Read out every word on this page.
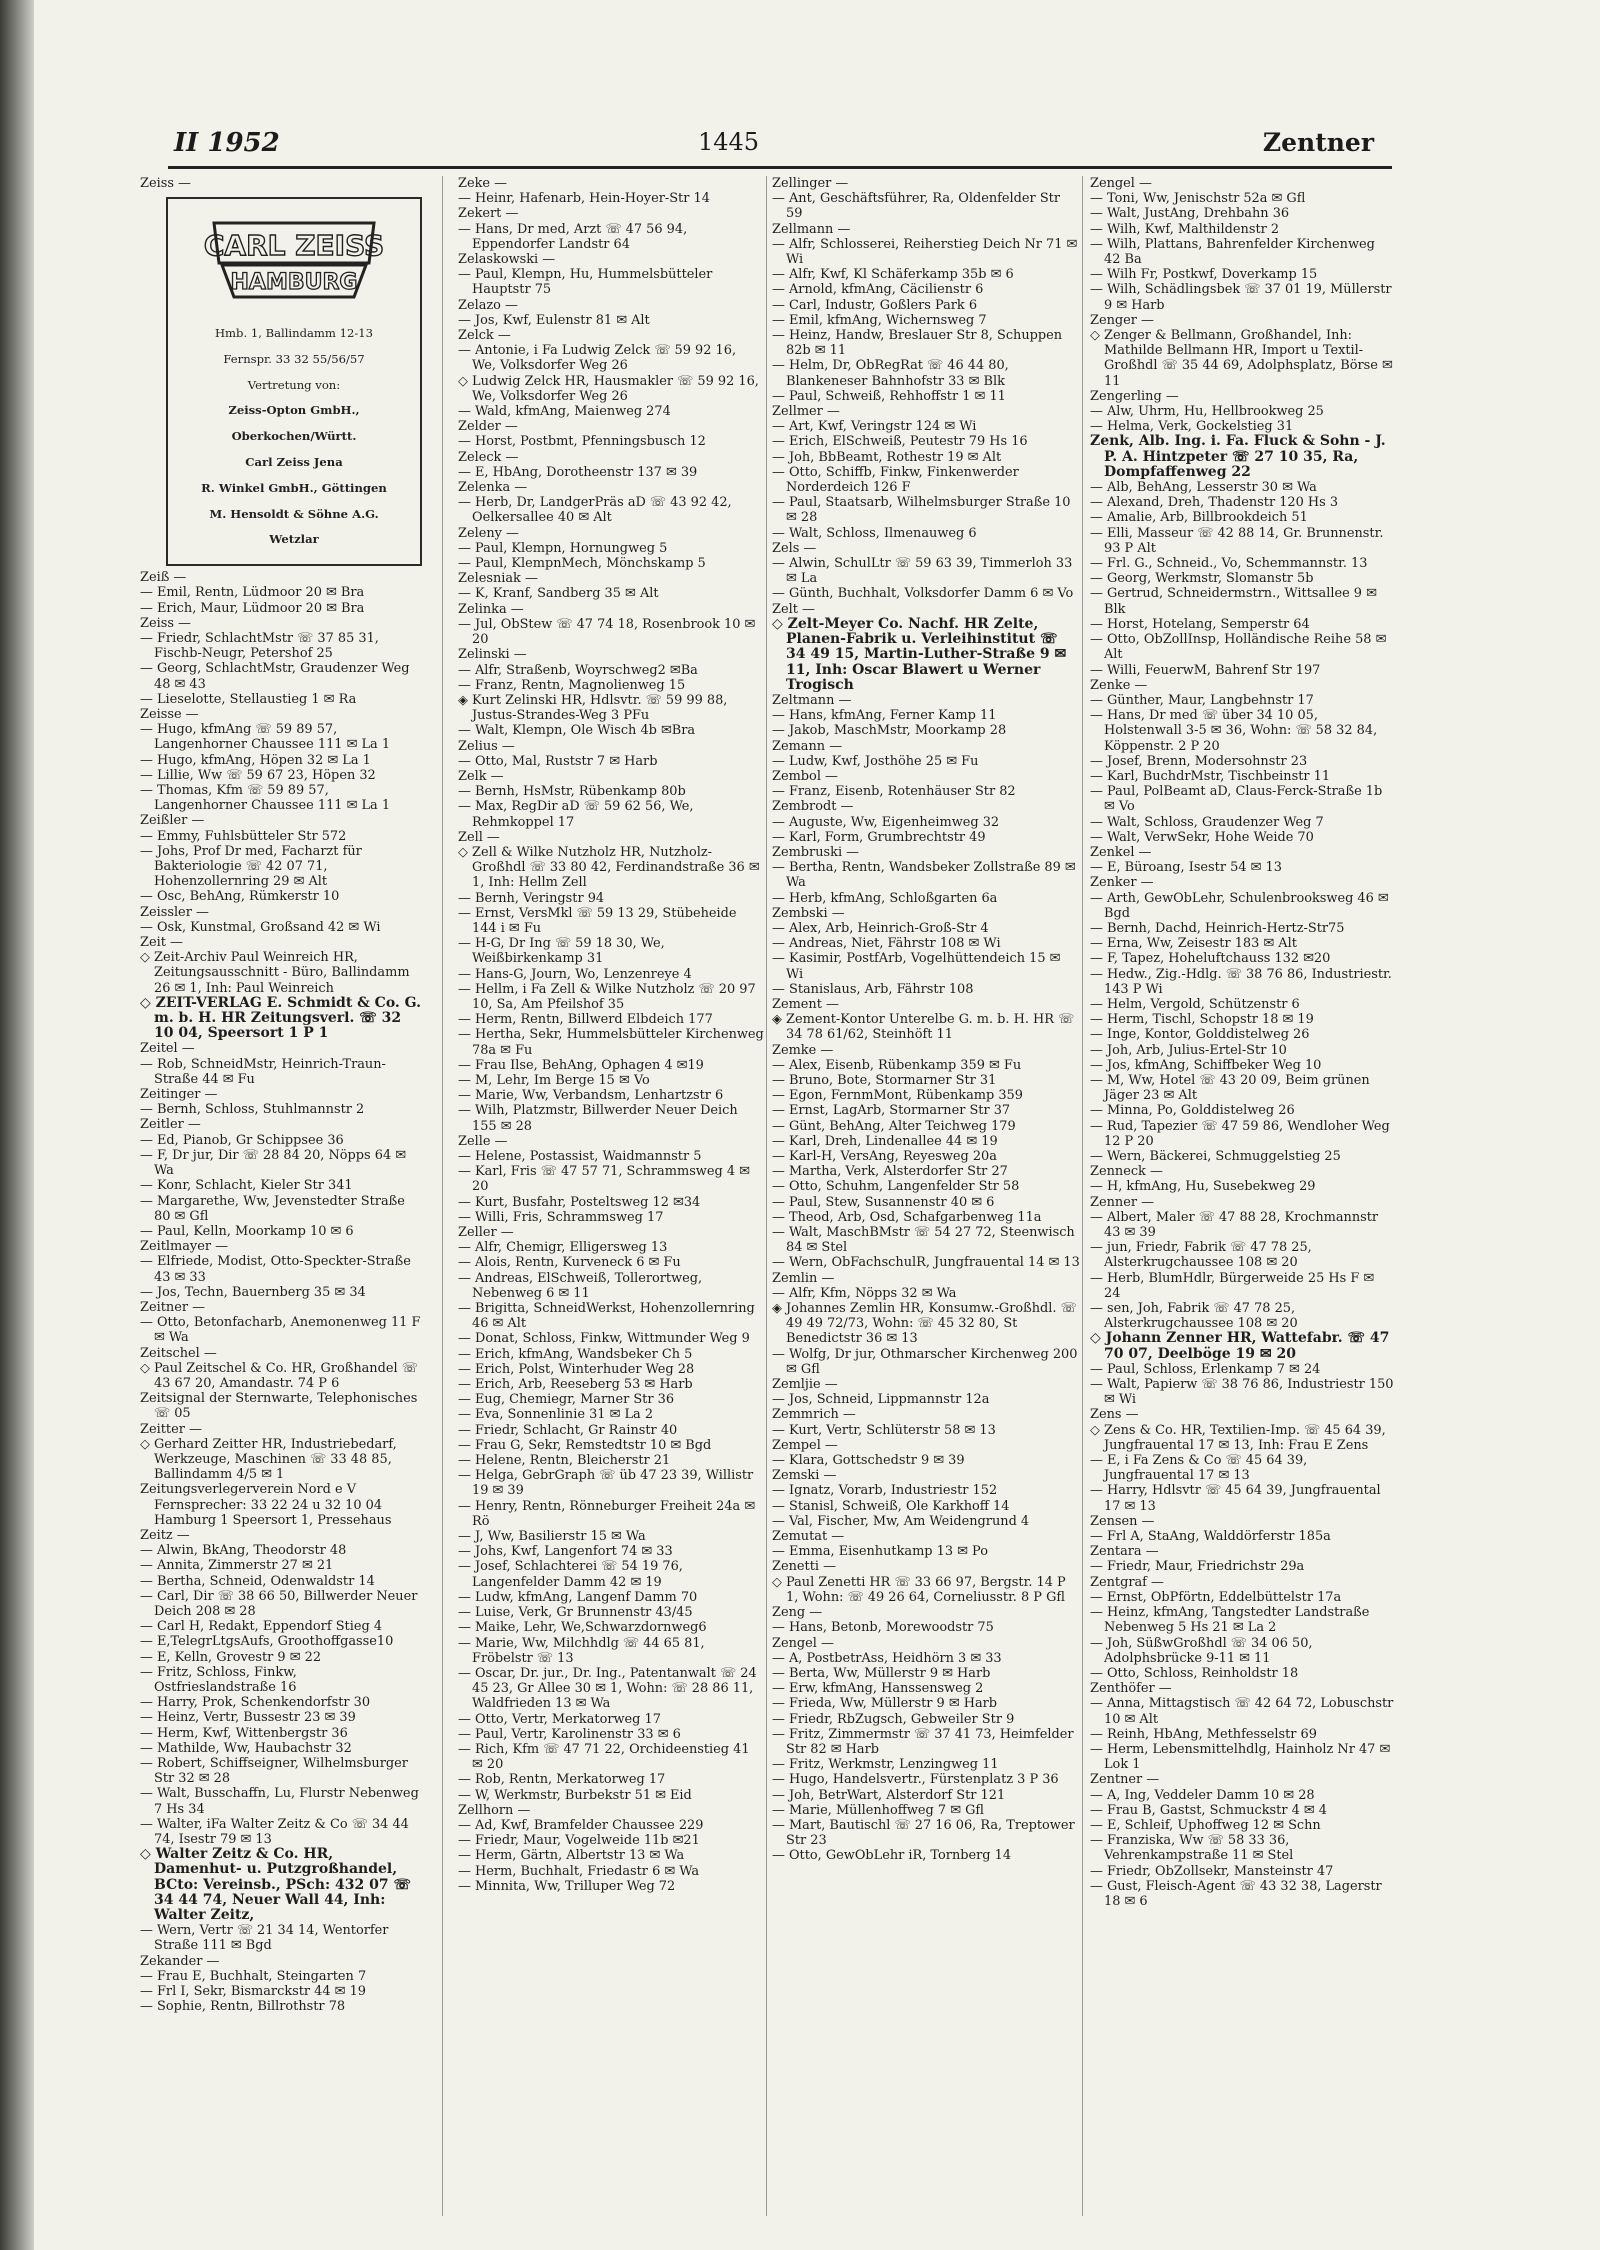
II 1952	1445	Zentner

Zeiss —

CARL ZEISS
HAMBURG

Hmb. 1, Ballindamm 12-13

Fernspr. 33 32 55/56/57

Vertretung von:

Zeiss-Opton GmbH.,

Oberkochen/Württ.

Carl Zeiss Jena

R. Winkel GmbH., Göttingen

M. Hensoldt & Söhne A.G.

Wetzlar

Zeiß —

— Emil, Rentn, Lüdmoor 20 ✉ Bra

— Erich, Maur, Lüdmoor 20 ✉ Bra

Zeiss —

— Friedr, SchlachtMstr ☏ 37 85 31, Fischb-Neugr, Petershof 25

— Georg, SchlachtMstr, Graudenzer Weg 48 ✉ 43

— Lieselotte, Stellaustieg 1 ✉ Ra

Zeisse —

— Hugo, kfmAng ☏ 59 89 57, Langenhorner Chaussee 111 ✉ La 1

— Hugo, kfmAng, Höpen 32 ✉ La 1

— Lillie, Ww ☏ 59 67 23, Höpen 32

— Thomas, Kfm ☏ 59 89 57, Langenhorner Chaussee 111 ✉ La 1

Zeißler —

— Emmy, Fuhlsbütteler Str 572

— Johs, Prof Dr med, Facharzt für Bakteriologie ☏ 42 07 71, Hohenzollernring 29 ✉ Alt

— Osc, BehAng, Rümkerstr 10

Zeissler —

— Osk, Kunstmal, Großsand 42 ✉ Wi

Zeit —

◇ Zeit-Archiv Paul Weinreich HR, Zeitungsausschnitt - Büro, Ballindamm 26 ✉ 1, Inh: Paul Weinreich

◇ ZEIT-VERLAG E. Schmidt & Co. G. m. b. H. HR Zeitungsverl. ☏ 32 10 04, Speersort 1 P 1

Zeitel —

— Rob, SchneidMstr, Heinrich-Traun-Straße 44 ✉ Fu

Zeitinger —

— Bernh, Schloss, Stuhlmannstr 2

Zeitler —

— Ed, Pianob, Gr Schippsee 36

— F, Dr jur, Dir ☏ 28 84 20, Nöpps 64 ✉ Wa

— Konr, Schlacht, Kieler Str 341

— Margarethe, Ww, Jevenstedter Straße 80 ✉ Gfl

— Paul, Kelln, Moorkamp 10 ✉ 6

Zeitlmayer —

— Elfriede, Modist, Otto-Speckter-Straße 43 ✉ 33

— Jos, Techn, Bauernberg 35 ✉ 34

Zeitner —

— Otto, Betonfacharb, Anemonenweg 11 F ✉ Wa

Zeitschel —

◇ Paul Zeitschel & Co. HR, Großhandel ☏ 43 67 20, Amandastr. 74 P 6

Zeitsignal der Sternwarte, Telephonisches ☏ 05

Zeitter —

◇ Gerhard Zeitter HR, Industriebedarf, Werkzeuge, Maschinen ☏ 33 48 85, Ballindamm 4/5 ✉ 1

Zeitungsverlegerverein Nord e V Fernsprecher: 33 22 24 u 32 10 04 Hamburg 1 Speersort 1, Pressehaus

Zeitz —

— Alwin, BkAng, Theodorstr 48

— Annita, Zimmerstr 27 ✉ 21

— Bertha, Schneid, Odenwaldstr 14

— Carl, Dir ☏ 38 66 50, Billwerder Neuer Deich 208 ✉ 28

— Carl H, Redakt, Eppendorf Stieg 4

— E,TelegrLtgsAufs, Groothoffgasse10

— E, Kelln, Grovestr 9 ✉ 22

— Fritz, Schloss, Finkw, Ostfrieslandstraße 16

— Harry, Prok, Schenkendorfstr 30

— Heinz, Vertr, Bussestr 23 ✉ 39

— Herm, Kwf, Wittenbergstr 36

— Mathilde, Ww, Haubachstr 32

— Robert, Schiffseigner, Wilhelmsburger Str 32 ✉ 28

— Walt, Busschaffn, Lu, Flurstr Nebenweg 7 Hs 34

— Walter, iFa Walter Zeitz & Co ☏ 34 44 74, Isestr 79 ✉ 13

◇ Walter Zeitz & Co. HR, Damenhut- u. Putzgroßhandel, BCto: Vereinsb., PSch: 432 07 ☏ 34 44 74, Neuer Wall 44, Inh: Walter Zeitz,

— Wern, Vertr ☏ 21 34 14, Wentorfer Straße 111 ✉ Bgd

Zekander —

— Frau E, Buchhalt, Steingarten 7

— Frl I, Sekr, Bismarckstr 44 ✉ 19

— Sophie, Rentn, Billrothstr 78

Zeke —

— Heinr, Hafenarb, Hein-Hoyer-Str 14

Zekert —

— Hans, Dr med, Arzt ☏ 47 56 94, Eppendorfer Landstr 64

Zelaskowski —

— Paul, Klempn, Hu, Hummelsbütteler Hauptstr 75

Zelazo —

— Jos, Kwf, Eulenstr 81 ✉ Alt

Zelck —

— Antonie, i Fa Ludwig Zelck ☏ 59 92 16, We, Volksdorfer Weg 26

◇ Ludwig Zelck HR, Hausmakler ☏ 59 92 16, We, Volksdorfer Weg 26

— Wald, kfmAng, Maienweg 274

Zelder —

— Horst, Postbmt, Pfenningsbusch 12

Zeleck —

— E, HbAng, Dorotheenstr 137 ✉ 39

Zelenka —

— Herb, Dr, LandgerPräs aD ☏ 43 92 42, Oelkersallee 40 ✉ Alt

Zeleny —

— Paul, Klempn, Hornungweg 5

— Paul, KlempnMech, Mönchskamp 5

Zelesniak —

— K, Kranf, Sandberg 35 ✉ Alt

Zelinka —

— Jul, ObStew ☏ 47 74 18, Rosenbrook 10 ✉ 20

Zelinski —

— Alfr, Straßenb, Woyrschweg2 ✉Ba

— Franz, Rentn, Magnolienweg 15

◈ Kurt Zelinski HR, Hdlsvtr. ☏ 59 99 88, Justus-Strandes-Weg 3 PFu

— Walt, Klempn, Ole Wisch 4b ✉Bra

Zelius —

— Otto, Mal, Ruststr 7 ✉ Harb

Zelk —

— Bernh, HsMstr, Rübenkamp 80b

— Max, RegDir aD ☏ 59 62 56, We, Rehmkoppel 17

Zell —

◇ Zell & Wilke Nutzholz HR, Nutzholz-Großhdl ☏ 33 80 42, Ferdinandstraße 36 ✉ 1, Inh: Hellm Zell

— Bernh, Veringstr 94

— Ernst, VersMkl ☏ 59 13 29, Stübeheide 144 i ✉ Fu

— H-G, Dr Ing ☏ 59 18 30, We, Weißbirkenkamp 31

— Hans-G, Journ, Wo, Lenzenreye 4

— Hellm, i Fa Zell & Wilke Nutzholz ☏ 20 97 10, Sa, Am Pfeilshof 35

— Herm, Rentn, Billwerd Elbdeich 177

— Hertha, Sekr, Hummelsbütteler Kirchenweg 78a ✉ Fu

— Frau Ilse, BehAng, Ophagen 4 ✉19

— M, Lehr, Im Berge 15 ✉ Vo

— Marie, Ww, Verbandsm, Lenhartzstr 6

— Wilh, Platzmstr, Billwerder Neuer Deich 155 ✉ 28

Zelle —

— Helene, Postassist, Waidmannstr 5

— Karl, Fris ☏ 47 57 71, Schrammsweg 4 ✉ 20

— Kurt, Busfahr, Posteltsweg 12 ✉34

— Willi, Fris, Schrammsweg 17

Zeller —

— Alfr, Chemigr, Elligersweg 13

— Alois, Rentn, Kurveneck 6 ✉ Fu

— Andreas, ElSchweiß, Tollerortweg, Nebenweg 6 ✉ 11

— Brigitta, SchneidWerkst, Hohenzollernring 46 ✉ Alt

— Donat, Schloss, Finkw, Wittmunder Weg 9

— Erich, kfmAng, Wandsbeker Ch 5

— Erich, Polst, Winterhuder Weg 28

— Erich, Arb, Reeseberg 53 ✉ Harb

— Eug, Chemiegr, Marner Str 36

— Eva, Sonnenlinie 31 ✉ La 2

— Friedr, Schlacht, Gr Rainstr 40

— Frau G, Sekr, Remstedtstr 10 ✉ Bgd

— Helene, Rentn, Bleicherstr 21

— Helga, GebrGraph ☏ üb 47 23 39, Willistr 19 ✉ 39

— Henry, Rentn, Rönneburger Freiheit 24a ✉ Rö

— J, Ww, Basilierstr 15 ✉ Wa

— Johs, Kwf, Langenfort 74 ✉ 33

— Josef, Schlachterei ☏ 54 19 76, Langenfelder Damm 42 ✉ 19

— Ludw, kfmAng, Langenf Damm 70

— Luise, Verk, Gr Brunnenstr 43/45

— Maike, Lehr, We,Schwarzdornweg6

— Marie, Ww, Milchhdlg ☏ 44 65 81, Fröbelstr ☏ 13

— Oscar, Dr. jur., Dr. Ing., Patentanwalt ☏ 24 45 23, Gr Allee 30 ✉ 1, Wohn: ☏ 28 86 11, Waldfrieden 13 ✉ Wa

— Otto, Vertr, Merkatorweg 17

— Paul, Vertr, Karolinenstr 33 ✉ 6

— Rich, Kfm ☏ 47 71 22, Orchideenstieg 41 ✉ 20

— Rob, Rentn, Merkatorweg 17

— W, Werkmstr, Burbekstr 51 ✉ Eid

Zellhorn —

— Ad, Kwf, Bramfelder Chaussee 229

— Friedr, Maur, Vogelweide 11b ✉21

— Herm, Gärtn, Albertstr 13 ✉ Wa

— Herm, Buchhalt, Friedastr 6 ✉ Wa

— Minnita, Ww, Trilluper Weg 72

Zellinger —

— Ant, Geschäftsführer, Ra, Oldenfelder Str 59

Zellmann —

— Alfr, Schlosserei, Reiherstieg Deich Nr 71 ✉ Wi

— Alfr, Kwf, Kl Schäferkamp 35b ✉ 6

— Arnold, kfmAng, Cäcilienstr 6

— Carl, Industr, Goßlers Park 6

— Emil, kfmAng, Wichernsweg 7

— Heinz, Handw, Breslauer Str 8, Schuppen 82b ✉ 11

— Helm, Dr, ObRegRat ☏ 46 44 80, Blankeneser Bahnhofstr 33 ✉ Blk

— Paul, Schweiß, Rehhoffstr 1 ✉ 11

Zellmer —

— Art, Kwf, Veringstr 124 ✉ Wi

— Erich, ElSchweiß, Peutestr 79 Hs 16

— Joh, BbBeamt, Rothestr 19 ✉ Alt

— Otto, Schiffb, Finkw, Finkenwerder Norderdeich 126 F

— Paul, Staatsarb, Wilhelmsburger Straße 10 ✉ 28

— Walt, Schloss, Ilmenauweg 6

Zels —

— Alwin, SchulLtr ☏ 59 63 39, Timmerloh 33 ✉ La

— Günth, Buchhalt, Volksdorfer Damm 6 ✉ Vo

Zelt —

◇ Zelt-Meyer Co. Nachf. HR Zelte, Planen-Fabrik u. Verleihinstitut ☏ 34 49 15, Martin-Luther-Straße 9 ✉ 11, Inh: Oscar Blawert u Werner Trogisch

Zeltmann —

— Hans, kfmAng, Ferner Kamp 11

— Jakob, MaschMstr, Moorkamp 28

Zemann —

— Ludw, Kwf, Josthöhe 25 ✉ Fu

Zembol —

— Franz, Eisenb, Rotenhäuser Str 82

Zembrodt —

— Auguste, Ww, Eigenheimweg 32

— Karl, Form, Grumbrechtstr 49

Zembruski —

— Bertha, Rentn, Wandsbeker Zollstraße 89 ✉ Wa

— Herb, kfmAng, Schloßgarten 6a

Zembski —

— Alex, Arb, Heinrich-Groß-Str 4

— Andreas, Niet, Fährstr 108 ✉ Wi

— Kasimir, PostfArb, Vogelhüttendeich 15 ✉ Wi

— Stanislaus, Arb, Fährstr 108

Zement —

◈ Zement-Kontor Unterelbe G. m. b. H. HR ☏ 34 78 61/62, Steinhöft 11

Zemke —

— Alex, Eisenb, Rübenkamp 359 ✉ Fu

— Bruno, Bote, Stormarner Str 31

— Egon, FernmMont, Rübenkamp 359

— Ernst, LagArb, Stormarner Str 37

— Günt, BehAng, Alter Teichweg 179

— Karl, Dreh, Lindenallee 44 ✉ 19

— Karl-H, VersAng, Reyesweg 20a

— Martha, Verk, Alsterdorfer Str 27

— Otto, Schuhm, Langenfelder Str 58

— Paul, Stew, Susannenstr 40 ✉ 6

— Theod, Arb, Osd, Schafgarbenweg 11a

— Walt, MaschBMstr ☏ 54 27 72, Steenwisch 84 ✉ Stel

— Wern, ObFachschulR, Jungfrauental 14 ✉ 13

Zemlin —

— Alfr, Kfm, Nöpps 32 ✉ Wa

◈ Johannes Zemlin HR, Konsumw.-Großhdl. ☏ 49 49 72/73, Wohn: ☏ 45 32 80, St Benedictstr 36 ✉ 13

— Wolfg, Dr jur, Othmarscher Kirchenweg 200 ✉ Gfl

Zemljie —

— Jos, Schneid, Lippmannstr 12a

Zemmrich —

— Kurt, Vertr, Schlüterstr 58 ✉ 13

Zempel —

— Klara, Gottschedstr 9 ✉ 39

Zemski —

— Ignatz, Vorarb, Industriestr 152

— Stanisl, Schweiß, Ole Karkhoff 14

— Val, Fischer, Mw, Am Weidengrund 4

Zemutat —

— Emma, Eisenhutkamp 13 ✉ Po

Zenetti —

◇ Paul Zenetti HR ☏ 33 66 97, Bergstr. 14 P 1, Wohn: ☏ 49 26 64, Corneliusstr. 8 P Gfl

Zeng —

— Hans, Betonb, Morewoodstr 75

Zengel —

— A, PostbetrAss, Heidhörn 3 ✉ 33

— Berta, Ww, Müllerstr 9 ✉ Harb

— Erw, kfmAng, Hanssensweg 2

— Frieda, Ww, Müllerstr 9 ✉ Harb

— Friedr, RbZugsch, Gebweiler Str 9

— Fritz, Zimmermstr ☏ 37 41 73, Heimfelder Str 82 ✉ Harb

— Fritz, Werkmstr, Lenzingweg 11

— Hugo, Handelsvertr., Fürstenplatz 3 P 36

— Joh, BetrWart, Alsterdorf Str 121

— Marie, Müllenhoffweg 7 ✉ Gfl

— Mart, Bautischl ☏ 27 16 06, Ra, Treptower Str 23

— Otto, GewObLehr iR, Tornberg 14

Zengel —

— Toni, Ww, Jenischstr 52a ✉ Gfl

— Walt, JustAng, Drehbahn 36

— Wilh, Kwf, Malthildenstr 2

— Wilh, Plattans, Bahrenfelder Kirchenweg 42 Ba

— Wilh Fr, Postkwf, Doverkamp 15

— Wilh, Schädlingsbek ☏ 37 01 19, Müllerstr 9 ✉ Harb

Zenger —

◇ Zenger & Bellmann, Großhandel, Inh: Mathilde Bellmann HR, Import u Textil-Großhdl ☏ 35 44 69, Adolphsplatz, Börse ✉ 11

Zengerling —

— Alw, Uhrm, Hu, Hellbrookweg 25

— Helma, Verk, Gockelstieg 31

Zenk, Alb. Ing. i. Fa. Fluck & Sohn - J. P. A. Hintzpeter ☏ 27 10 35, Ra, Dompfaffenweg 22

— Alb, BehAng, Lesserstr 30 ✉ Wa

— Alexand, Dreh, Thadenstr 120 Hs 3

— Amalie, Arb, Billbrookdeich 51

— Elli, Masseur ☏ 42 88 14, Gr. Brunnenstr. 93 P Alt

— Frl. G., Schneid., Vo, Schemmannstr. 13

— Georg, Werkmstr, Slomanstr 5b

— Gertrud, Schneidermstrn., Wittsallee 9 ✉ Blk

— Horst, Hotelang, Semperstr 64

— Otto, ObZollInsp, Holländische Reihe 58 ✉ Alt

— Willi, FeuerwM, Bahrenf Str 197

Zenke —

— Günther, Maur, Langbehnstr 17

— Hans, Dr med ☏ über 34 10 05, Holstenwall 3-5 ✉ 36, Wohn: ☏ 58 32 84, Köppenstr. 2 P 20

— Josef, Brenn, Modersohnstr 23

— Karl, BuchdrMstr, Tischbeinstr 11

— Paul, PolBeamt aD, Claus-Ferck-Straße 1b ✉ Vo

— Walt, Schloss, Graudenzer Weg 7

— Walt, VerwSekr, Hohe Weide 70

Zenkel —

— E, Büroang, Isestr 54 ✉ 13

Zenker —

— Arth, GewObLehr, Schulenbrooksweg 46 ✉ Bgd

— Bernh, Dachd, Heinrich-Hertz-Str75

— Erna, Ww, Zeisestr 183 ✉ Alt

— F, Tapez, Hoheluftchauss 132 ✉20

— Hedw., Zig.-Hdlg. ☏ 38 76 86, Industriestr. 143 P Wi

— Helm, Vergold, Schützenstr 6

— Herm, Tischl, Schopstr 18 ✉ 19

— Inge, Kontor, Golddistelweg 26

— Joh, Arb, Julius-Ertel-Str 10

— Jos, kfmAng, Schiffbeker Weg 10

— M, Ww, Hotel ☏ 43 20 09, Beim grünen Jäger 23 ✉ Alt

— Minna, Po, Golddistelweg 26

— Rud, Tapezier ☏ 47 59 86, Wendloher Weg 12 P 20

— Wern, Bäckerei, Schmuggelstieg 25

Zenneck —

— H, kfmAng, Hu, Susebekweg 29

Zenner —

— Albert, Maler ☏ 47 88 28, Krochmannstr 43 ✉ 39

— jun, Friedr, Fabrik ☏ 47 78 25, Alsterkrugchaussee 108 ✉ 20

— Herb, BlumHdlr, Bürgerweide 25 Hs F ✉ 24

— sen, Joh, Fabrik ☏ 47 78 25, Alsterkrugchaussee 108 ✉ 20

◇ Johann Zenner HR, Wattefabr. ☏ 47 70 07, Deelböge 19 ✉ 20

— Paul, Schloss, Erlenkamp 7 ✉ 24

— Walt, Papierw ☏ 38 76 86, Industriestr 150 ✉ Wi

Zens —

◇ Zens & Co. HR, Textilien-Imp. ☏ 45 64 39, Jungfrauental 17 ✉ 13, Inh: Frau E Zens

— E, i Fa Zens & Co ☏ 45 64 39, Jungfrauental 17 ✉ 13

— Harry, Hdlsvtr ☏ 45 64 39, Jungfrauental 17 ✉ 13

Zensen —

— Frl A, StaAng, Walddörferstr 185a

Zentara —

— Friedr, Maur, Friedrichstr 29a

Zentgraf —

— Ernst, ObPförtn, Eddelbüttelstr 17a

— Heinz, kfmAng, Tangstedter Landstraße Nebenweg 5 Hs 21 ✉ La 2

— Joh, SüßwGroßhdl ☏ 34 06 50, Adolphsbrücke 9-11 ✉ 11

— Otto, Schloss, Reinholdstr 18

Zenthöfer —

— Anna, Mittagstisch ☏ 42 64 72, Lobuschstr 10 ✉ Alt

— Reinh, HbAng, Methfesselstr 69

— Herm, Lebensmittelhdlg, Hainholz Nr 47 ✉ Lok 1

Zentner —

— A, Ing, Veddeler Damm 10 ✉ 28

— Frau B, Gastst, Schmuckstr 4 ✉ 4

— E, Schleif, Uphoffweg 12 ✉ Schn

— Franziska, Ww ☏ 58 33 36, Vehrenkampstraße 11 ✉ Stel

— Friedr, ObZollsekr, Mansteinstr 47

— Gust, Fleisch-Agent ☏ 43 32 38, Lagerstr 18 ✉ 6
